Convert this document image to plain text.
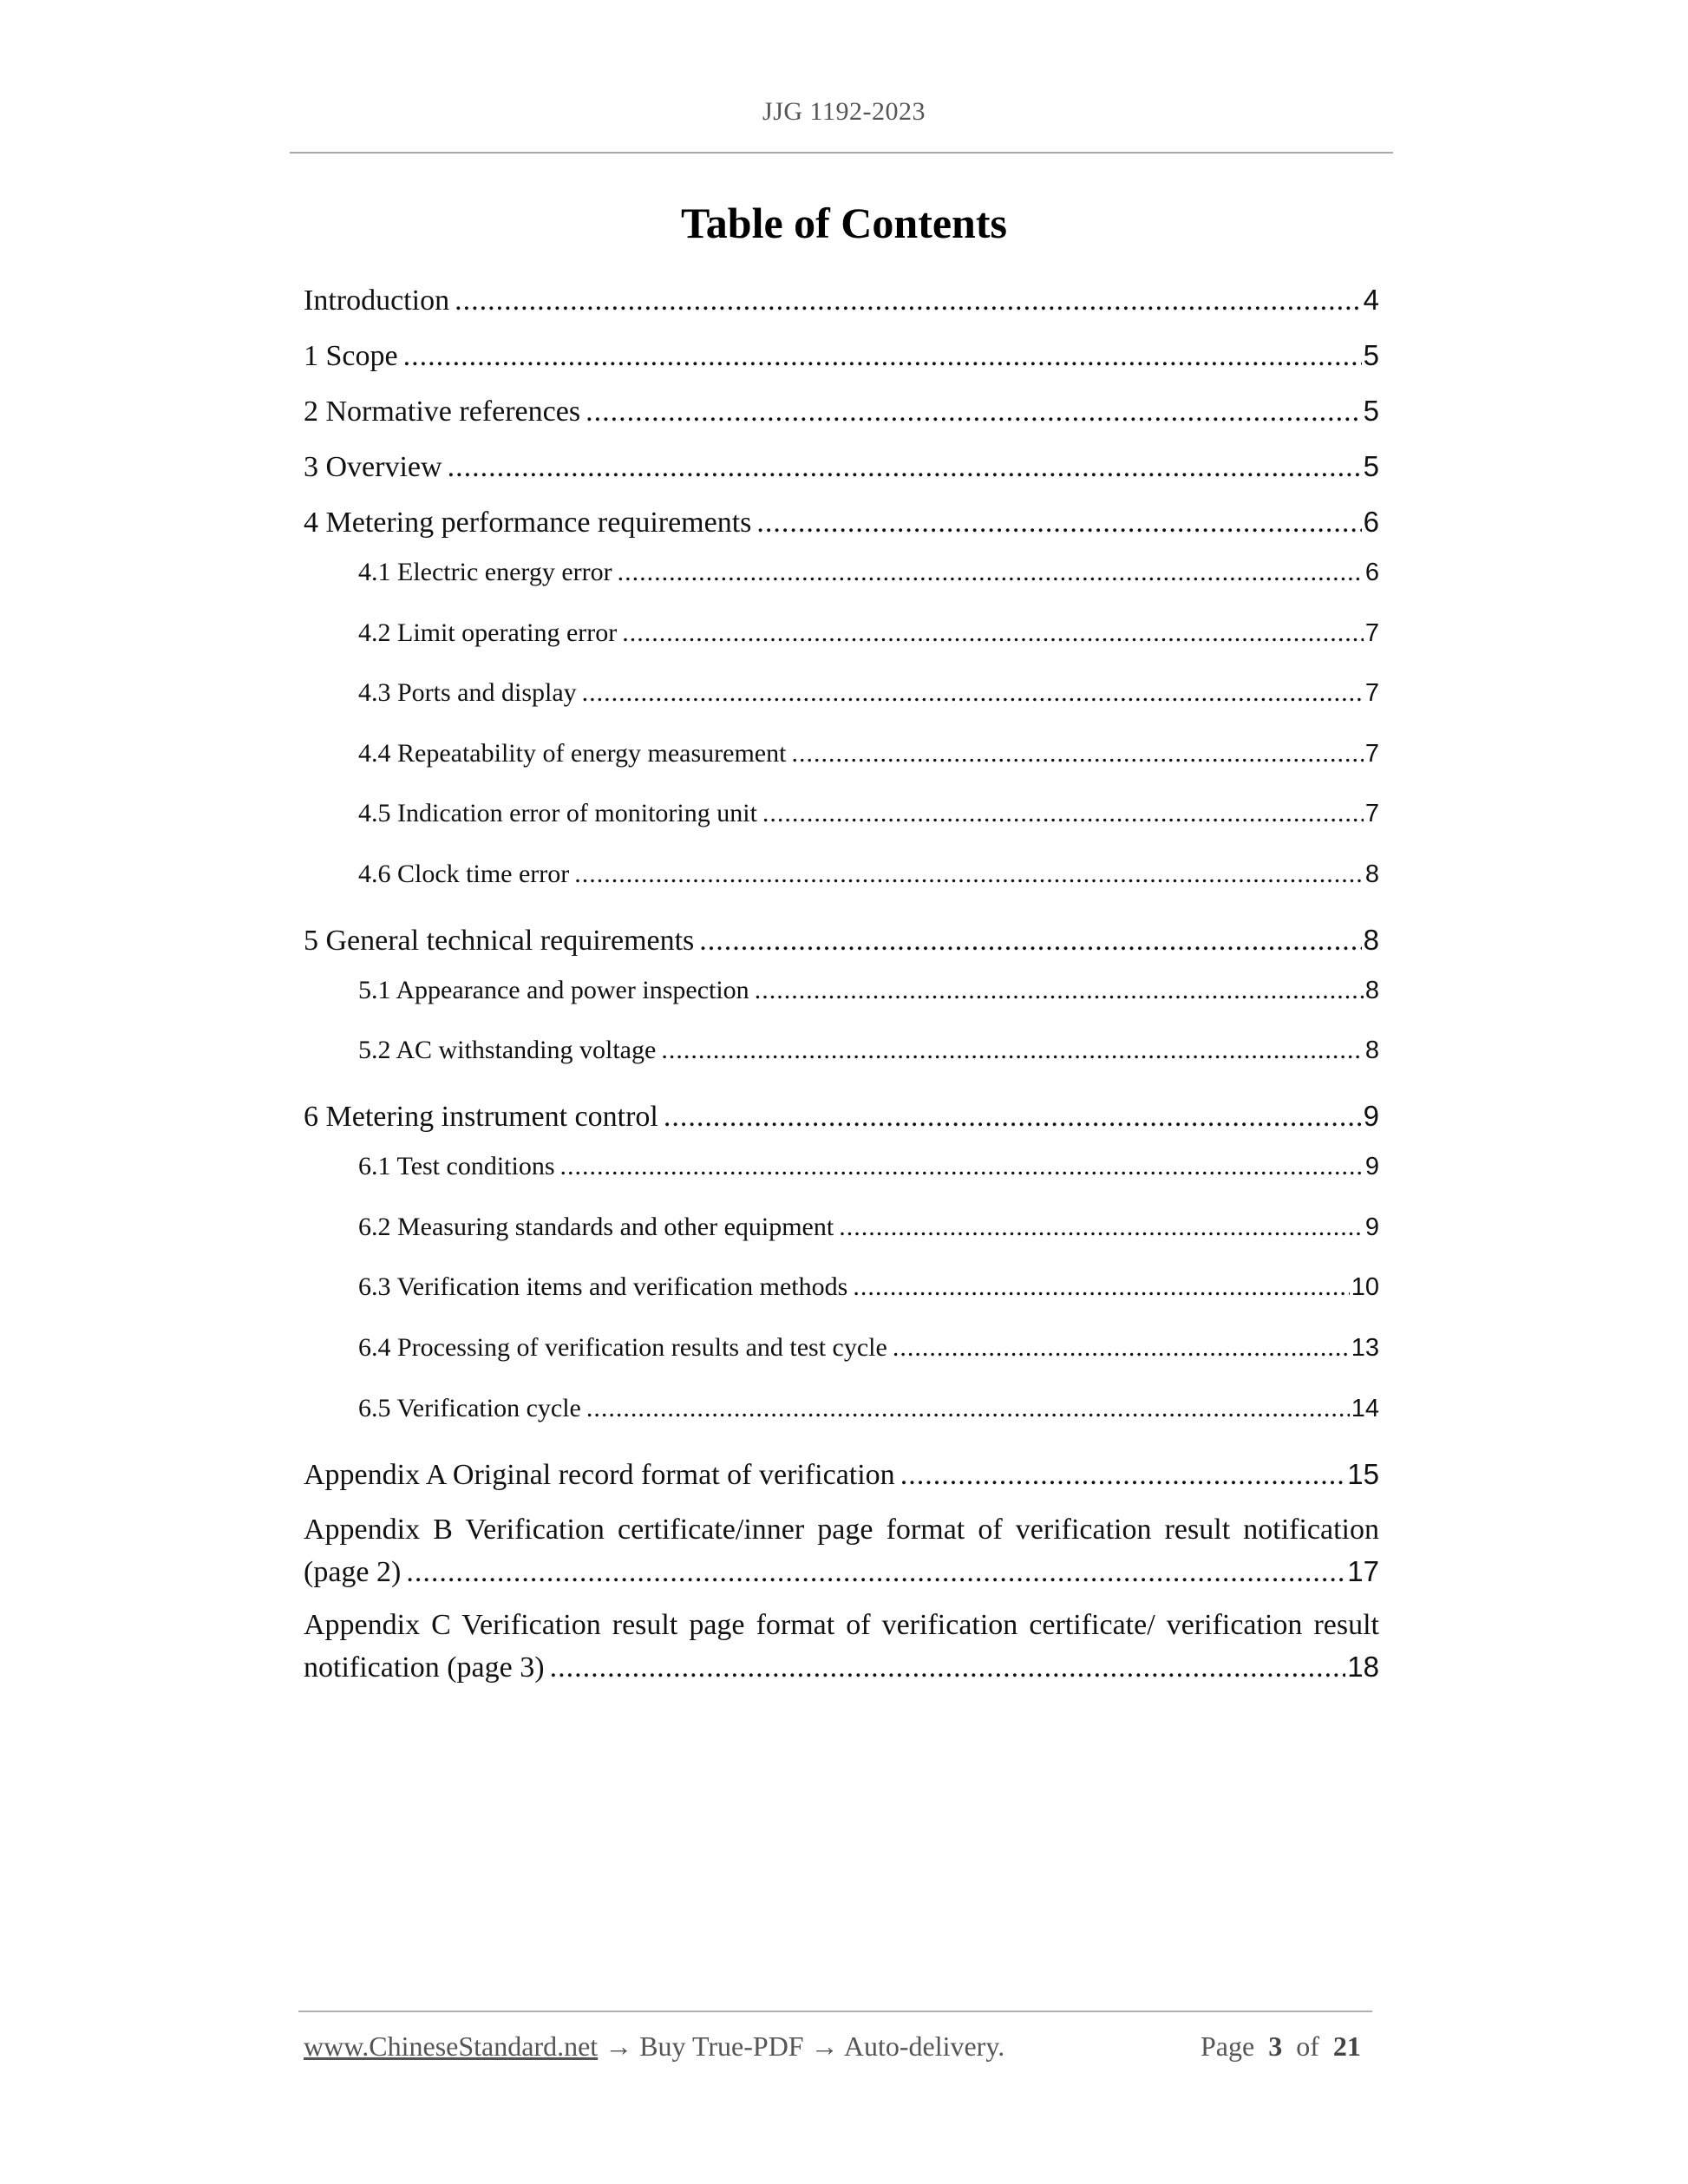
JJG 1192-2023
Table of Contents
Introduction .....	4
1 Scope .....	5
2 Normative references .....	5
3 Overview .....	5
4 Metering performance requirements .....	6
4.1 Electric energy error .....	6
4.2 Limit operating error .....	7
4.3 Ports and display .....	7
4.4 Repeatability of energy measurement .....	7
4.5 Indication error of monitoring unit .....	7
4.6 Clock time error .....	8
5 General technical requirements .....	8
5.1 Appearance and power inspection .....	8
5.2 AC withstanding voltage .....	8
6 Metering instrument control .....	9
6.1 Test conditions .....	9
6.2 Measuring standards and other equipment .....	9
6.3 Verification items and verification methods .....	10
6.4 Processing of verification results and test cycle .....	13
6.5 Verification cycle .....	14
Appendix A Original record format of verification .....	15
Appendix B Verification certificate/inner page format of verification result notification
(page 2) .....	17
Appendix C Verification result page format of verification certificate/ verification result
notification (page 3) .....	18
www.ChineseStandard.net → Buy True-PDF → Auto-delivery.	Page 3 of 21
